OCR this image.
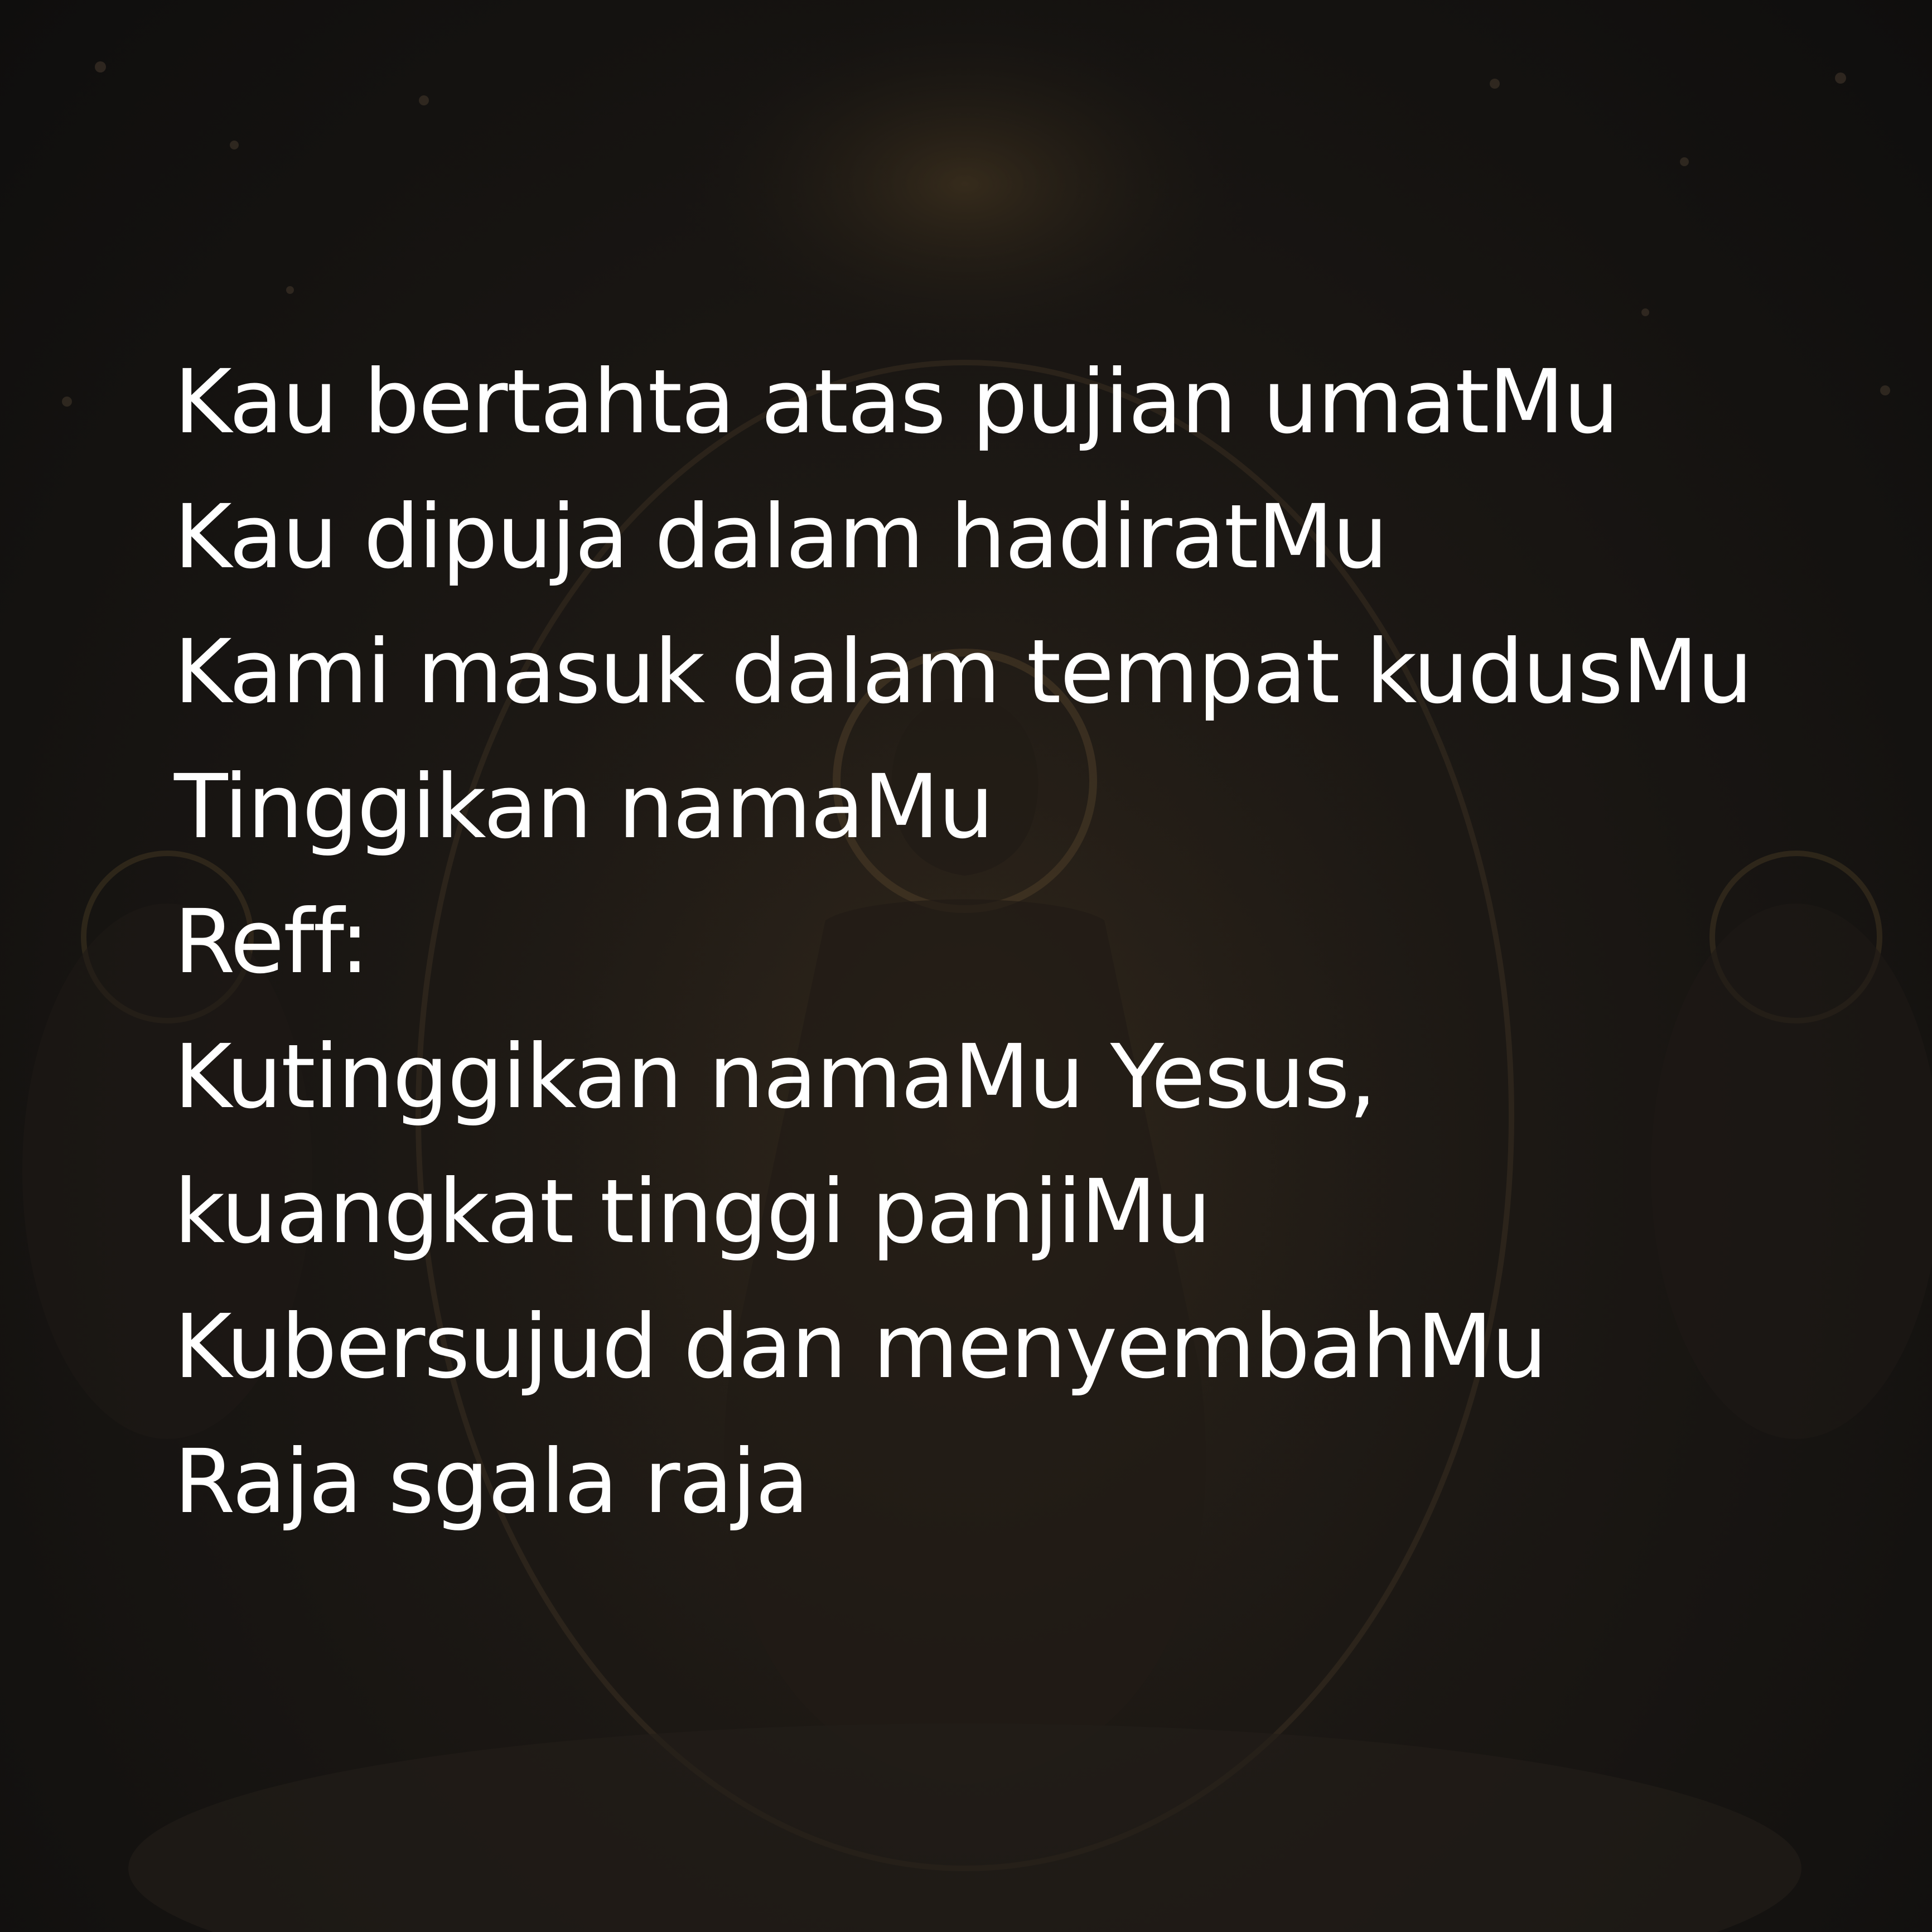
Kau bertahta atas pujian umatMu
Kau dipuja dalam hadiratMu
Kami masuk dalam tempat kudusMu
Tinggikan namaMu
Reff:
Kutinggikan namaMu Yesus,
kuangkat tinggi panjiMu
Kubersujud dan menyembahMu
Raja sgala raja
